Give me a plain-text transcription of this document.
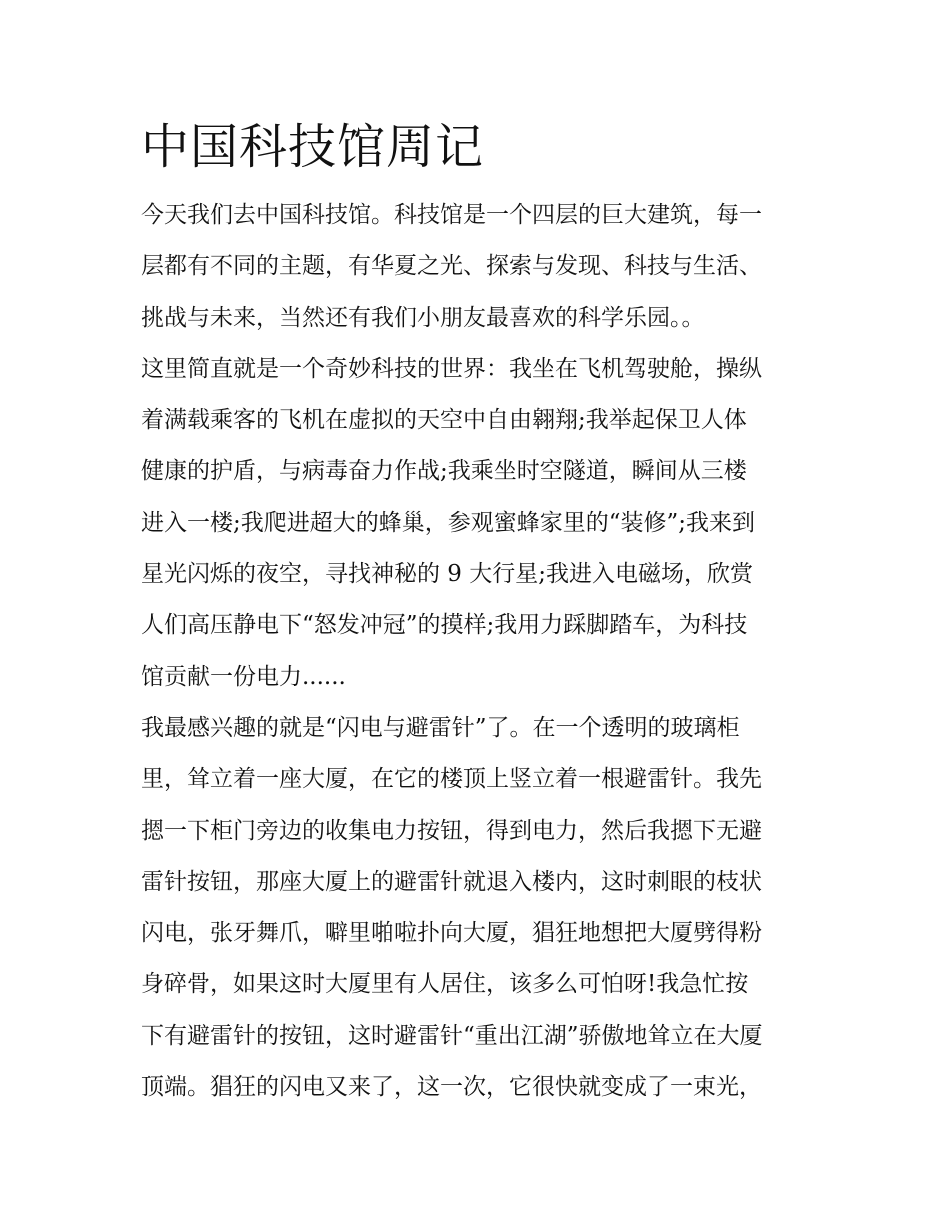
中国科技馆周记
今天我们去中国科技馆。科技馆是一个四层的巨大建筑，每一
层都有不同的主题，有华夏之光、探索与发现、科技与生活、
挑战与未来，当然还有我们小朋友最喜欢的科学乐园。。
这里简直就是一个奇妙科技的世界：我坐在飞机驾驶舱，操纵
着满载乘客的飞机在虚拟的天空中自由翱翔;我举起保卫人体
健康的护盾，与病毒奋力作战;我乘坐时空隧道，瞬间从三楼
进入一楼;我爬进超大的蜂巢，参观蜜蜂家里的“装修”;我来到
星光闪烁的夜空，寻找神秘的 9 大行星;我进入电磁场，欣赏
人们高压静电下“怒发冲冠”的摸样;我用力踩脚踏车，为科技
馆贡献一份电力......
我最感兴趣的就是“闪电与避雷针”了。在一个透明的玻璃柜
里，耸立着一座大厦，在它的楼顶上竖立着一根避雷针。我先
摁一下柜门旁边的收集电力按钮，得到电力，然后我摁下无避
雷针按钮，那座大厦上的避雷针就退入楼内，这时刺眼的枝状
闪电，张牙舞爪，噼里啪啦扑向大厦，猖狂地想把大厦劈得粉
身碎骨，如果这时大厦里有人居住，该多么可怕呀!我急忙按
下有避雷针的按钮，这时避雷针“重出江湖”骄傲地耸立在大厦
顶端。猖狂的闪电又来了，这一次，它很快就变成了一束光，
